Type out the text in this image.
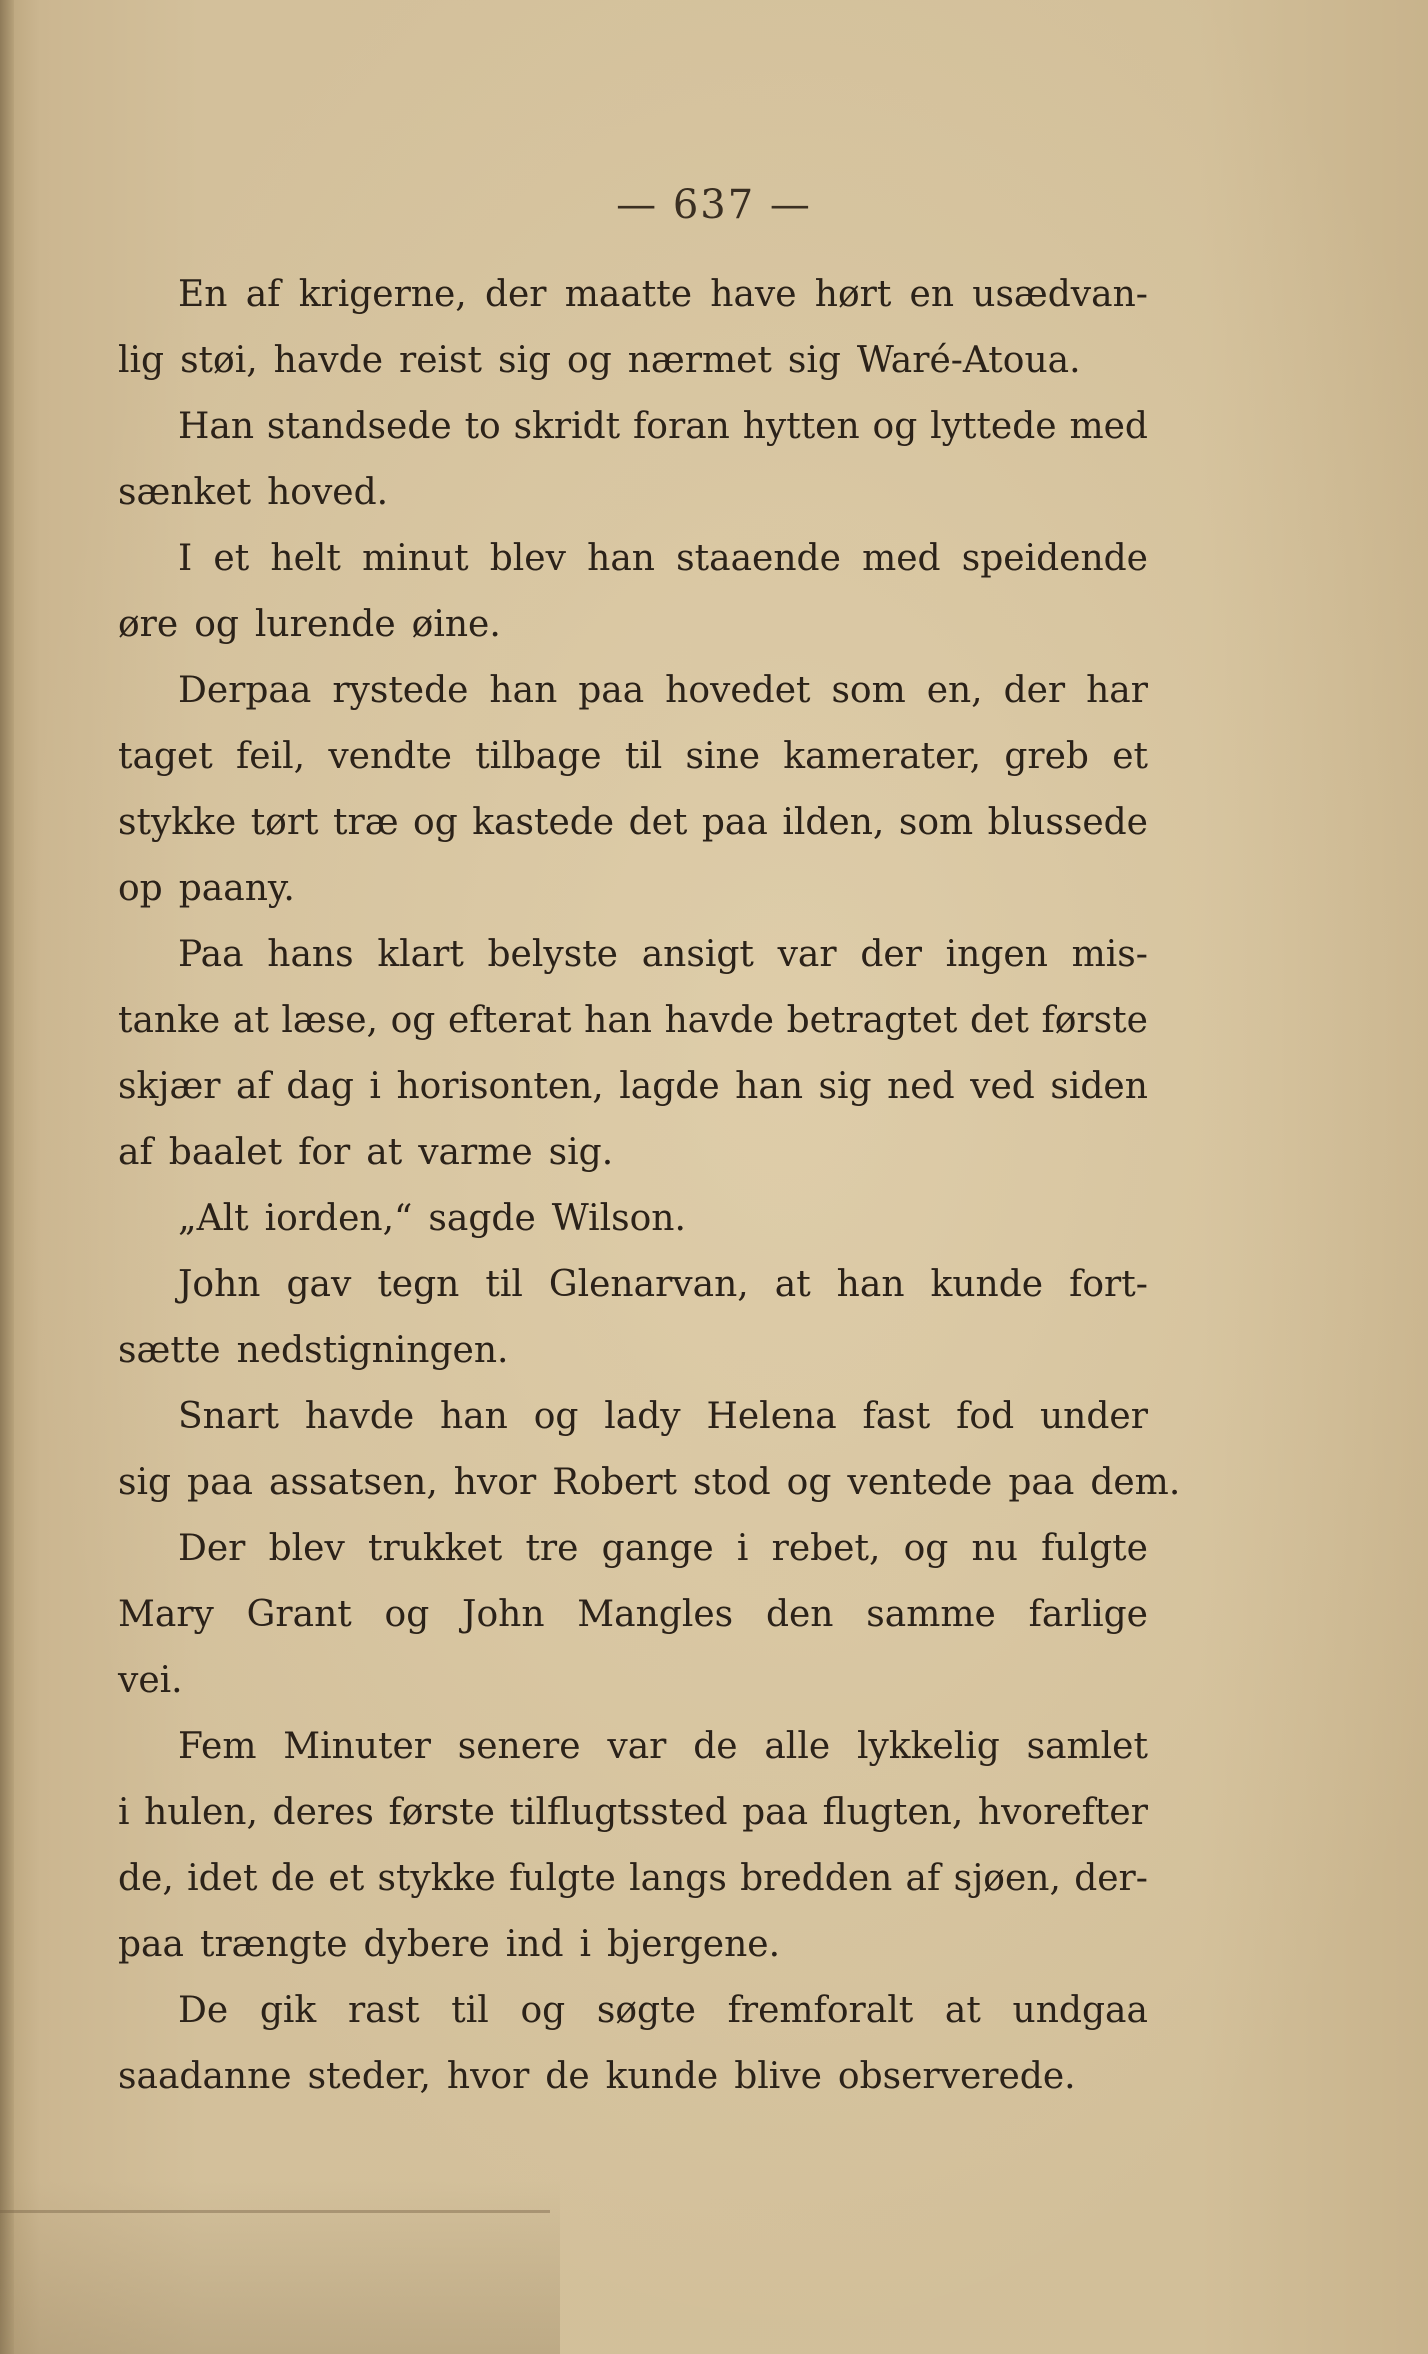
— 637 —
En af krigerne, der maatte have hørt en usædvan-
lig støi, havde reist sig og nærmet sig Waré-Atoua.
Han standsede to skridt foran hytten og lyttede med
sænket hoved.
I et helt minut blev han staaende med speidende
øre og lurende øine.
Derpaa rystede han paa hovedet som en, der har
taget feil, vendte tilbage til sine kamerater, greb et
stykke tørt træ og kastede det paa ilden, som blussede
op paany.
Paa hans klart belyste ansigt var der ingen mis-
tanke at læse, og efterat han havde betragtet det første
skjær af dag i horisonten, lagde han sig ned ved siden
af baalet for at varme sig.
„Alt iorden,“ sagde Wilson.
John gav tegn til Glenarvan, at han kunde fort-
sætte nedstigningen.
Snart havde han og lady Helena fast fod under
sig paa assatsen, hvor Robert stod og ventede paa dem.
Der blev trukket tre gange i rebet, og nu fulgte
Mary Grant og John Mangles den samme farlige
vei.
Fem Minuter senere var de alle lykkelig samlet
i hulen, deres første tilflugtssted paa flugten, hvorefter
de, idet de et stykke fulgte langs bredden af sjøen, der-
paa trængte dybere ind i bjergene.
De gik rast til og søgte fremforalt at undgaa
saadanne steder, hvor de kunde blive observerede.
